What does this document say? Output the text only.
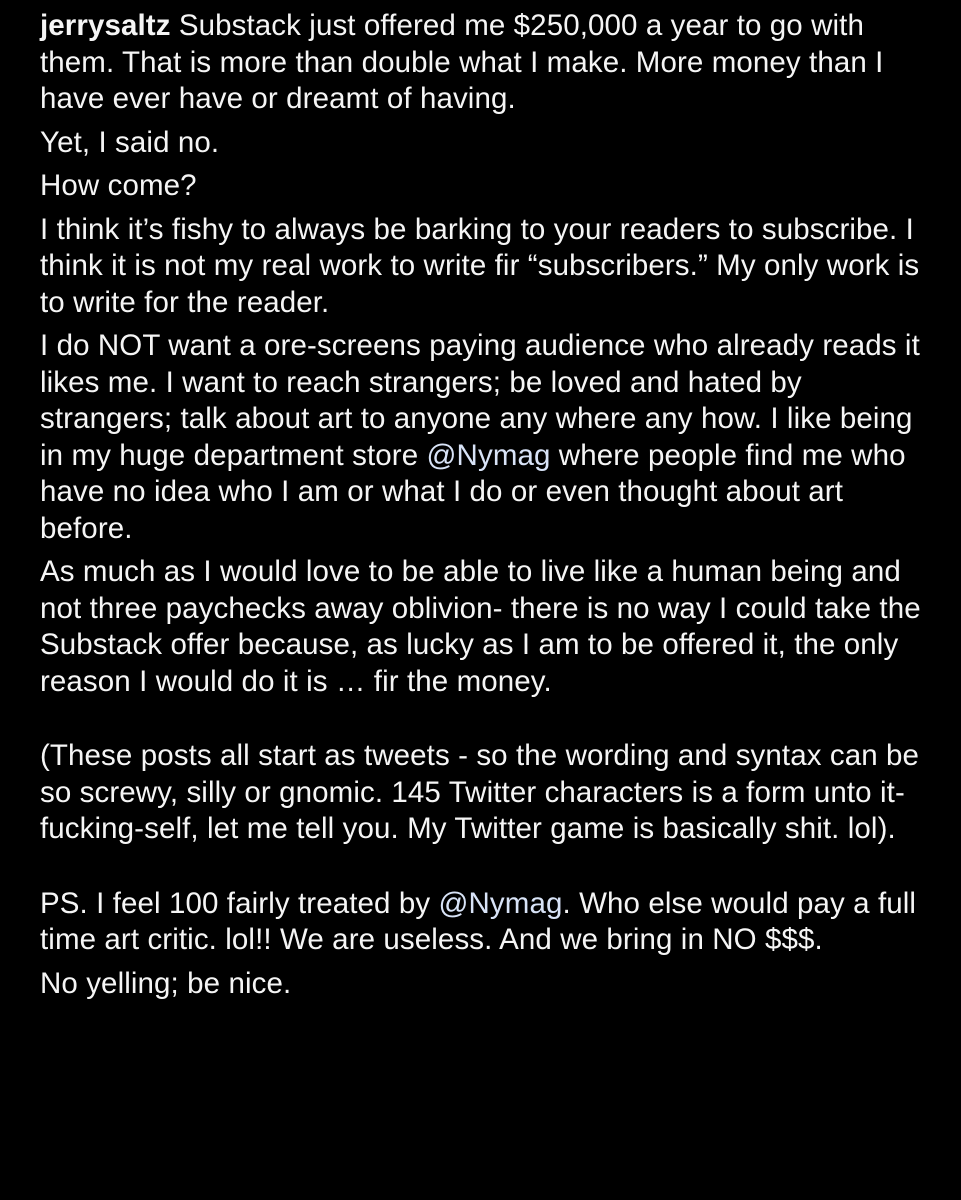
jerrysaltz Substack just offered me $250,000 a year to go with them. That is more than double what I make. More money than I have ever have or dreamt of having.

Yet, I said no.

How come?

I think it’s fishy to always be barking to your readers to subscribe. I think it is not my real work to write fir “subscribers.” My only work is to write for the reader.

I do NOT want a ore-screens paying audience who already reads it likes me. I want to reach strangers; be loved and hated by strangers; talk about art to anyone any where any how. I like being in my huge department store @Nymag where people find me who have no idea who I am or what I do or even thought about art before.

As much as I would love to be able to live like a human being and not three paychecks away oblivion- there is no way I could take the Substack offer because, as lucky as I am to be offered it, the only reason I would do it is … fir the money.

(These posts all start as tweets - so the wording and syntax can be so screwy, silly or gnomic. 145 Twitter characters is a form unto it-fucking-self, let me tell you. My Twitter game is basically shit. lol).

PS. I feel 100 fairly treated by @Nymag. Who else would pay a full time art critic. lol!! We are useless. And we bring in NO $$$.

No yelling; be nice.
